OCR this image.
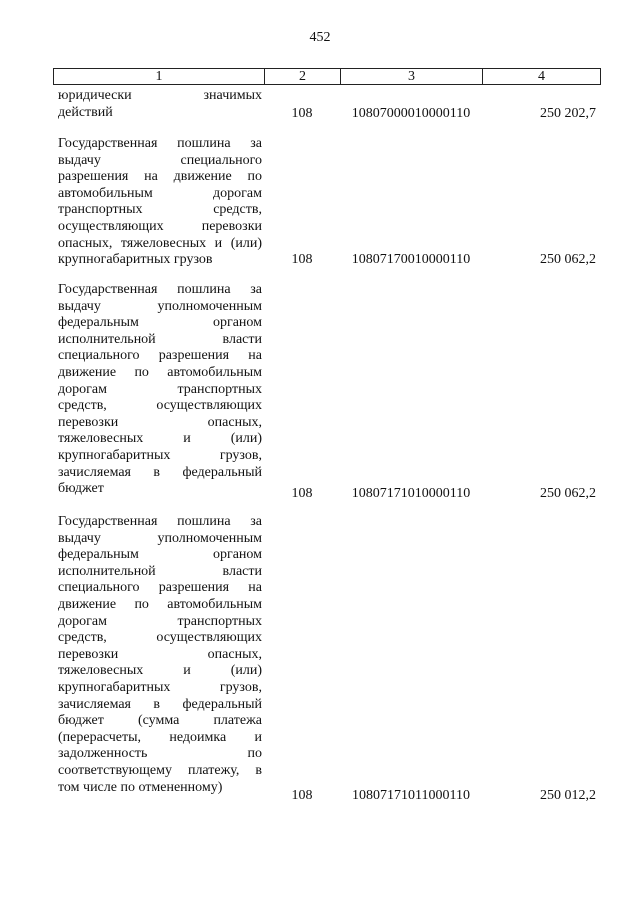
452
1	2	3	4
юридически значимых
действий	108	10807000010000110	250 202,7
Государственная пошлина за
выдачу специального
разрешения на движение по
автомобильным дорогам
транспортных средств,
осуществляющих перевозки
опасных, тяжеловесных и (или)
крупногабаритных грузов	108	10807170010000110	250 062,2
Государственная пошлина за
выдачу уполномоченным
федеральным органом
исполнительной власти
специального разрешения на
движение по автомобильным
дорогам транспортных
средств, осуществляющих
перевозки опасных,
тяжеловесных и (или)
крупногабаритных грузов,
зачисляемая в федеральный
бюджет	108	10807171010000110	250 062,2
Государственная пошлина за
выдачу уполномоченным
федеральным органом
исполнительной власти
специального разрешения на
движение по автомобильным
дорогам транспортных
средств, осуществляющих
перевозки опасных,
тяжеловесных и (или)
крупногабаритных грузов,
зачисляемая в федеральный
бюджет (сумма платежа
(перерасчеты, недоимка и
задолженность по
соответствующему платежу, в
том числе по отмененному)
108	10807171011000110	250 012,2
